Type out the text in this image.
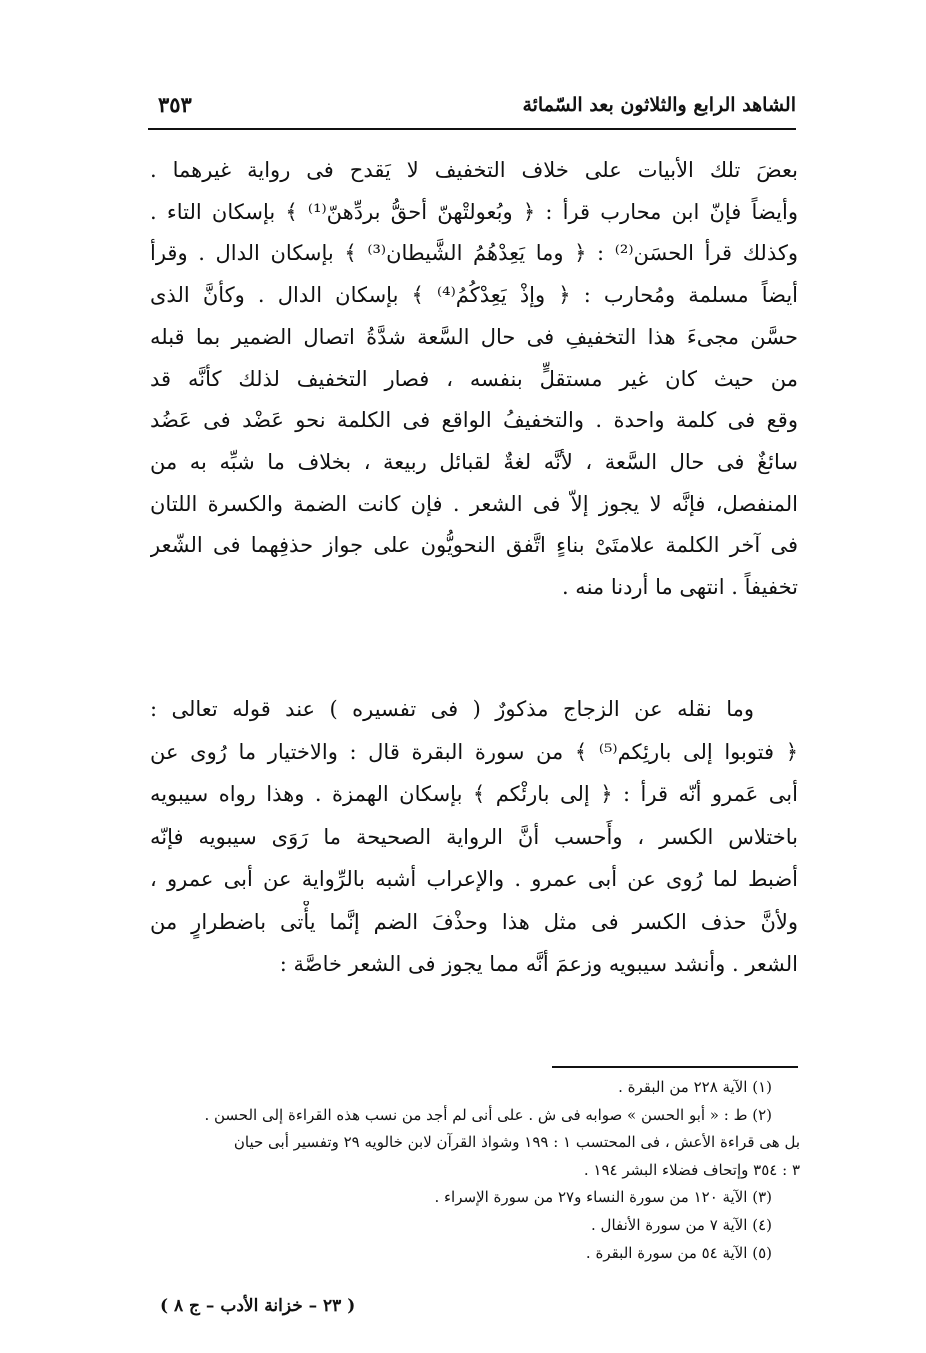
الشاهد الرابع والثلاثون بعد السّمائة
٣٥٣
بعضَ تلك الأبيات على خلاف التخفيف لا يَقدح فى رواية غيرهما .
وأيضاً فإنّ ابن محارب قرأ : ﴿ وبُعولتْهنّ أحقُّ بردِّهنّ⁽¹⁾ ﴾ بإسكان التاء .
وكذلك قرأ الحسَن⁽²⁾ : ﴿ وما يَعِدْهُمُ الشَّيطان⁽³⁾ ﴾ بإسكان الدال . وقرأ
أيضاً مسلمة ومُحارب : ﴿ وإذْ يَعِدْكُمُ⁽⁴⁾ ﴾ بإسكان الدال . وكأنَّ الذى
حسَّن مجىءَ هذا التخفيفِ فى حال السَّعة شدَّةُ اتصال الضمير بما قبله
من حيث كان غير مستقلٍّ بنفسه ، فصار التخفيف لذلك كأنَّه قد
وقع فى كلمة واحدة . والتخفيفُ الواقع فى الكلمة نحو عَضْد فى عَضُد
سائغٌ فى حال السَّعة ، لأنَّه لغةٌ لقبائل ربيعة ، بخلاف ما شبِّه به من
المنفصل، فإنَّه لا يجوز إلاّ فى الشعر . فإن كانت الضمة والكسرة اللتان
فى آخر الكلمة علامتَىْ بناءٍ اتَّفق النحويُّون على جواز حذفِهما فى الشّعر
تخفيفاً . انتهى ما أردنا منه .
وما نقله عن الزجاج مذكورٌ ( فى تفسيره ) عند قوله تعالى :
﴿ فتوبوا إلى بارئِكم⁽⁵⁾ ﴾ من سورة البقرة قال : والاختيار ما رُوى عن
أبى عَمرو أنّه قرأ : ﴿ إلى بارئْكم ﴾ بإسكان الهمزة . وهذا رواه سيبويه
باختلاس الكسر ، وأَحسب أنَّ الرواية الصحيحة ما رَوَى سيبويه فإنّه
أضبط لما رُوى عن أبى عمرو . والإعراب أشبه بالرِّواية عن أبى عمرو ،
ولأنَّ حذف الكسر فى مثل هذا وحذْفَ الضم إنَّما يأْتى باضطرارٍ من
الشعر . وأنشد سيبويه وزعمَ أنَّه مما يجوز فى الشعر خاصَّة :
(١) الآية ٢٢٨ من البقرة .
(٢) ط : « أبو الحسن » صوابه فى ش . على أنى لم أجد من نسب هذه القراءة إلى الحسن .
بل هى قراءة الأعش ، فى المحتسب ١ : ١٩٩ وشواذ القرآن لابن خالويه ٢٩ وتفسير أبى حيان
٣ : ٣٥٤ وإتحاف فضلاء البشر ١٩٤ .
(٣) الآية ١٢٠ من سورة النساء و٢٧ من سورة الإسراء .
(٤) الآية ٧ من سورة الأنفال .
(٥) الآية ٥٤ من سورة البقرة .
( ٢٣ – خزانة الأدب – ج ٨ )
